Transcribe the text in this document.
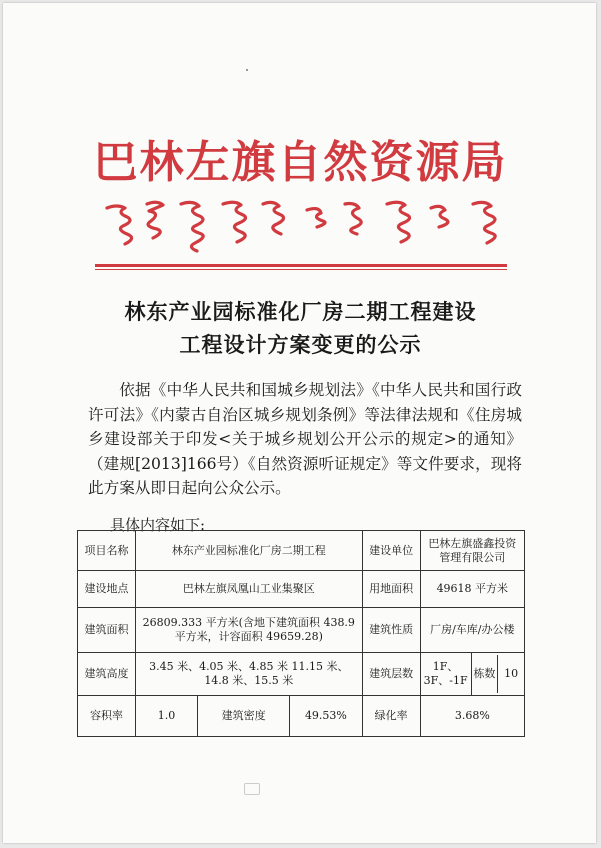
巴林左旗自然资源局
林东产业园标准化厂房二期工程建设
工程设计方案变更的公示
依据《中华人民共和国城乡规划法》《中华人民共和国行政许可法》《内蒙古自治区城乡规划条例》等法律法规和《住房城乡建设部关于印发<关于城乡规划公开公示的规定>的通知》（建规[2013]166号）《自然资源听证规定》等文件要求，现将此方案从即日起向公众公示。
具体内容如下:
项目名称	林东产业园标准化厂房二期工程			建设单位	巴林左旗盛鑫投资管理有限公司	
建设地点	巴林左旗凤凰山工业集聚区			用地面积	49618 平方米	
建筑面积	26809.333 平方米(含地下建筑面积 438.9 平方米，计容面积 49659.28)			建筑性质	厂房/车库/办公楼	
建筑高度	3.45 米、4.05 米、4.85 米 11.15 米、14.8 米、15.5 米			建筑层数	1F、3F、-1F	栋数 10

容积率	1.0	建筑密度	49.53%	绿化率	3.68%	
